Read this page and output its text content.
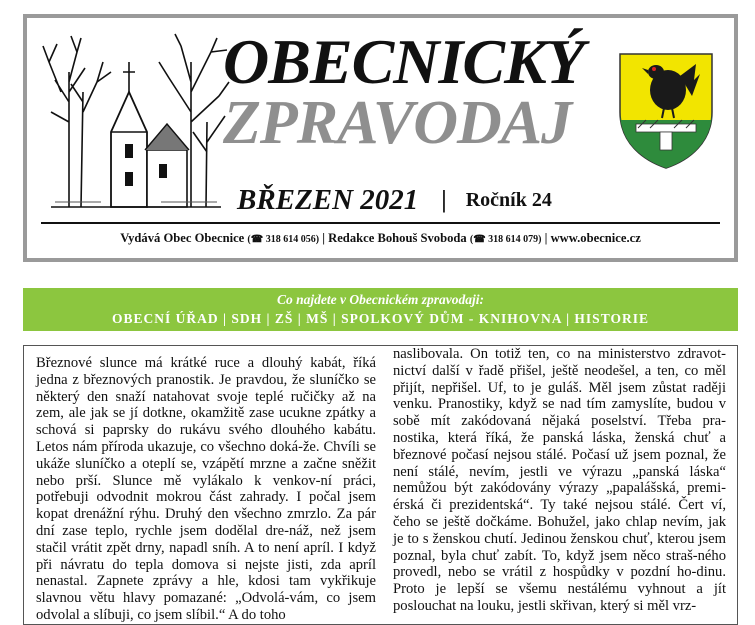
OBECNICKÝ
ZPRAVODAJ
BŘEZEN 2021 | Ročník 24
Vydává Obec Obecnice (☎ 318 614 056) | Redakce Bohouš Svoboda (☎ 318 614 079) | www.obecnice.cz
Co najdete v Obecnickém zpravodaji:
OBECNÍ ÚŘAD | SDH | ZŠ | MŠ | SPOLKOVÝ DŮM - KNIHOVNA | HISTORIE

Březnové slunce má krátké ruce a dlouhý kabát, říká jedna z březnových pranostik. Je pravdou, že sluníčko se některý den snaží natahovat svoje teplé ručičky až na zem, ale jak se jí dotkne, okamžitě zase ucukne zpátky a schová si paprsky do rukávu svého dlouhého kabátu. Letos nám příroda ukazuje, co všechno doká-že. Chvíli se ukáže sluníčko a oteplí se, vzápětí mrzne a začne sněžit nebo prší. Slunce mě vylákalo k venkov-ní práci, potřebuji odvodnit mokrou část zahrady. I počal jsem kopat drenážní rýhu. Druhý den všechno zmrzlo. Za pár dní zase teplo, rychle jsem dodělal dre-náž, než jsem stačil vrátit zpět drny, napadl sníh. A to není apríl. I když při návratu do tepla domova si nejste jisti, zda apríl nenastal. Zapnete zprávy a hle, kdosi tam vykřikuje slavnou větu hlavy pomazané: „Odvolá-vám, co jsem odvolal a slíbuji, co jsem slíbil.“ A do toho

naslibovala. On totiž ten, co na ministerstvo zdravot-nictví další v řadě přišel, ještě neodešel, a ten, co měl přijít, nepřišel. Uf, to je guláš. Měl jsem zůstat raději venku. Pranostiky, když se nad tím zamyslíte, budou v sobě mít zakódovaná nějaká poselství. Třeba pra-nostika, která říká, že panská láska, ženská chuť a březnové počasí nejsou stálé. Počasí už jsem poznal, že není stálé, nevím, jestli ve výrazu „panská láska“ nemůžou být zakódovány výrazy „papalášská, premi-érská či prezidentská“. Ty také nejsou stálé. Čert ví, čeho se ještě dočkáme. Bohužel, jako chlap nevím, jak je to s ženskou chutí. Jedinou ženskou chuť, kterou jsem poznal, byla chuť zabít. To, když jsem něco straš-ného provedl, nebo se vrátil z hospůdky v pozdní ho-dinu. Proto je lepší se všemu nestálému vyhnout a jít poslouchat na louku, jestli skřivan, který si měl vrz-
